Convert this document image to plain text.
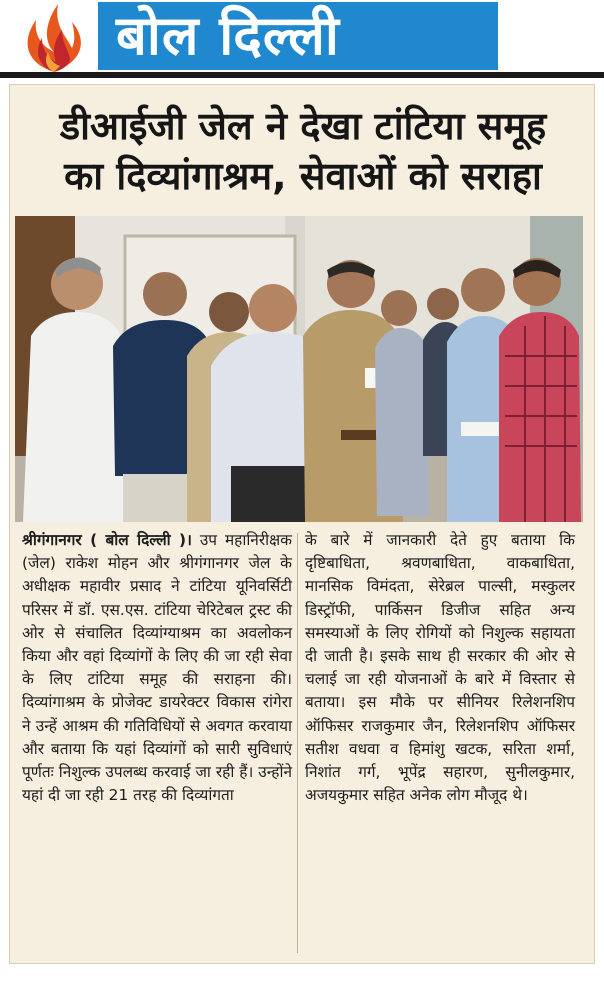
बोल दिल्ली
डीआईजी जेल ने देखा टांटिया समूह
का दिव्यांगाश्रम, सेवाओं को सराहा
श्रीगंगानगर ( बोल दिल्ली )। उप महानिरीक्षक (जेल) राकेश मोहन और श्रीगंगानगर जेल के अधीक्षक महावीर प्रसाद ने टांटिया यूनिवर्सिटी परिसर में डॉ. एस.एस. टांटिया चेरिटेबल ट्रस्ट की ओर से संचालित दिव्यांग्याश्रम का अवलोकन किया और वहां दिव्यांगों के लिए की जा रही सेवा के लिए टांटिया समूह की सराहना की। दिव्यांगाश्रम के प्रोजेक्ट डायरेक्टर विकास रांगेरा ने उन्हें आश्रम की गतिविधियों से अवगत करवाया और बताया कि यहां दिव्यांगों को सारी सुविधाएं पूर्णतः निशुल्क उपलब्ध करवाई जा रही हैं। उन्होंने यहां दी जा रही 21 तरह की दिव्यांगता
के बारे में जानकारी देते हुए बताया कि दृष्टिबाधिता, श्रवणबाधिता, वाकबाधिता, मानसिक विमंदता, सेरेब्रल पाल्सी, मस्कुलर डिस्ट्रॉफी, पार्किसन डिजीज सहित अन्य समस्याओं के लिए रोगियों को निशुल्क सहायता दी जाती है। इसके साथ ही सरकार की ओर से चलाई जा रही योजनाओं के बारे में विस्तार से बताया। इस मौके पर सीनियर रिलेशनशिप ऑफिसर राजकुमार जैन, रिलेशनशिप ऑफिसर सतीश वधवा व हिमांशु खटक, सरिता शर्मा, निशांत गर्ग, भूपेंद्र सहारण, सुनीलकुमार, अजयकुमार सहित अनेक लोग मौजूद थे।
